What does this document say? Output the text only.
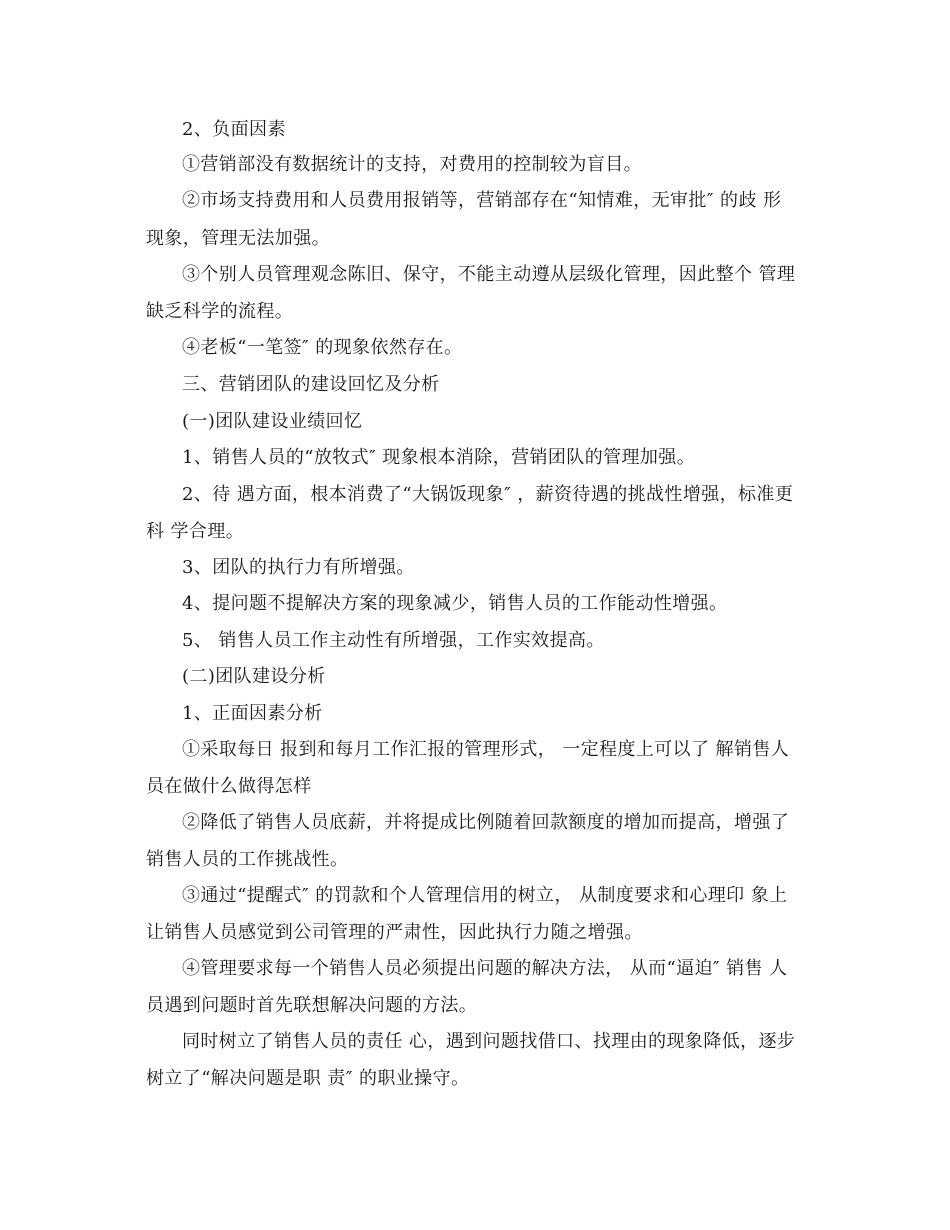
2、负面因素
①营销部没有数据统计的支持，对费用的控制较为盲目。
②市场支持费用和人员费用报销等，营销部存在“知情难，无审批″ 的歧 形
现象，管理无法加强。
③个别人员管理观念陈旧、保守，不能主动遵从层级化管理，因此整个 管理
缺乏科学的流程。
④老板“一笔签″ 的现象依然存在。
三、营销团队的建设回忆及分析
(一)团队建设业绩回忆
1、销售人员的“放牧式″ 现象根本消除，营销团队的管理加强。
2、待 遇方面，根本消费了“大锅饭现象″ ，薪资待遇的挑战性增强，标准更
科 学合理。
3、团队的执行力有所增强。
4、提问题不提解决方案的现象减少，销售人员的工作能动性增强。
5、 销售人员工作主动性有所增强，工作实效提高。
(二)团队建设分析
1、正面因素分析
①采取每日 报到和每月工作汇报的管理形式， 一定程度上可以了 解销售人
员在做什么做得怎样
②降低了销售人员底薪，并将提成比例随着回款额度的增加而提高，增强了
销售人员的工作挑战性。
③通过“提醒式″ 的罚款和个人管理信用的树立， 从制度要求和心理印 象上
让销售人员感觉到公司管理的严肃性，因此执行力随之增强。
④管理要求每一个销售人员必须提出问题的解决方法， 从而“逼迫″ 销售 人
员遇到问题时首先联想解决问题的方法。
同时树立了销售人员的责任 心，遇到问题找借口、找理由的现象降低，逐步
树立了“解决问题是职 责″ 的职业操守。
